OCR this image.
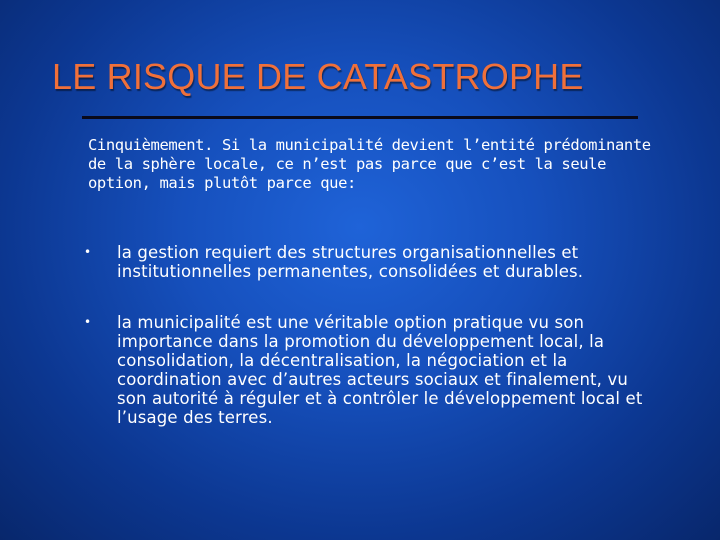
LE RISQUE DE CATASTROPHE

Cinquièmement. Si la municipalité devient l’entité prédominante de la sphère locale, ce n’est pas parce que c’est la seule option, mais plutôt parce que:

• la gestion requiert des structures organisationnelles et institutionnelles permanentes, consolidées et durables.
• la municipalité est une véritable option pratique vu son importance dans la promotion du développement local, la consolidation, la décentralisation, la négociation et la coordination avec d’autres acteurs sociaux et finalement, vu son autorité à réguler et à contrôler le développement local et l’usage des terres.
